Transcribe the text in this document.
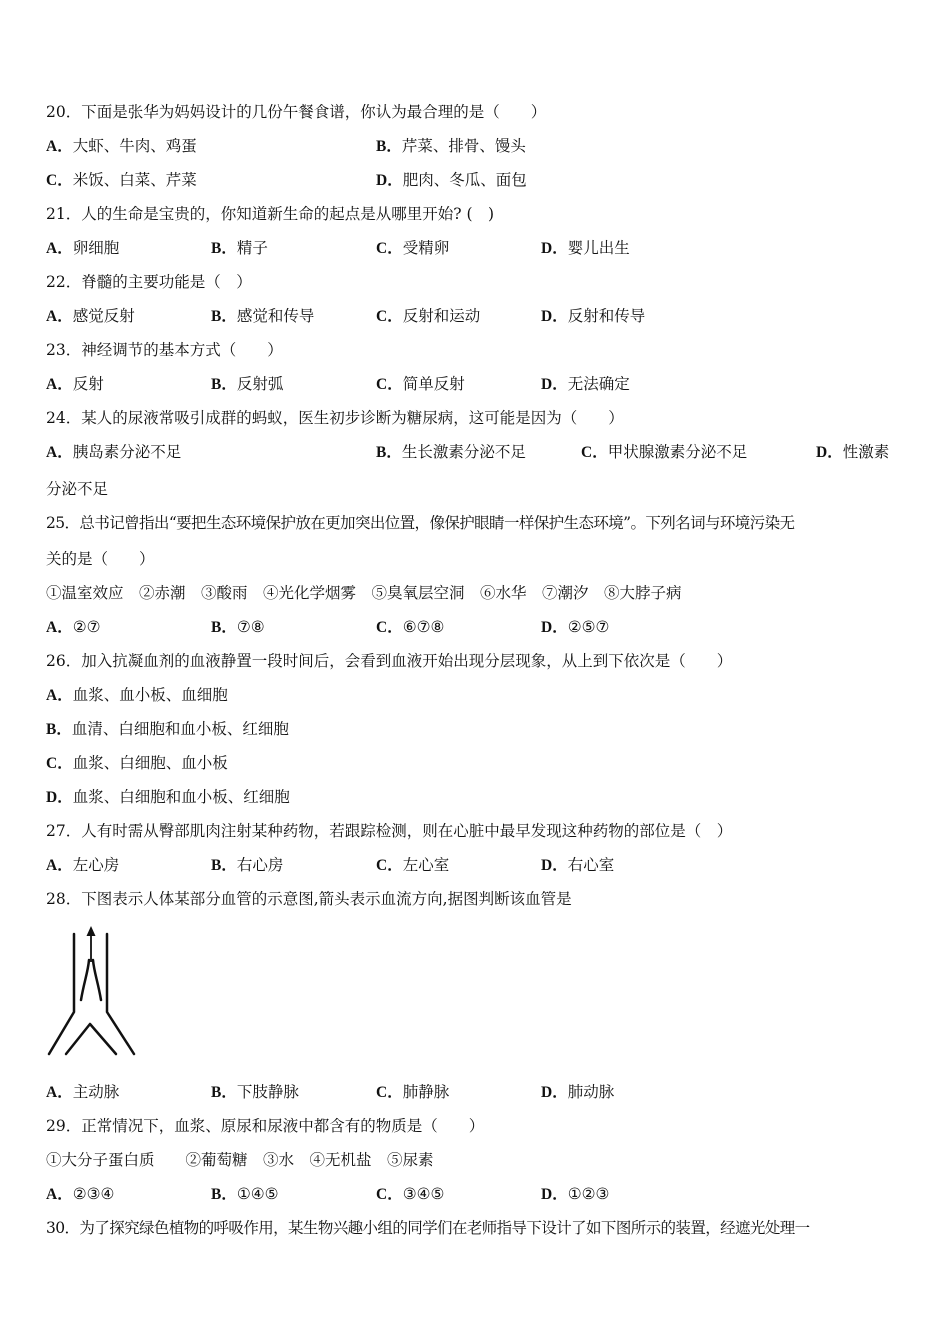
20．下面是张华为妈妈设计的几份午餐食谱，你认为最合理的是（　　）
A．大虾、牛肉、鸡蛋	B．芹菜、排骨、馒头
C．米饭、白菜、芹菜	D．肥肉、冬瓜、面包
21．人的生命是宝贵的，你知道新生命的起点是从哪里开始? (　)
A．卵细胞	B．精子	C．受精卵	D．婴儿出生
22．脊髓的主要功能是（　）
A．感觉反射	B．感觉和传导	C．反射和运动	D．反射和传导
23．神经调节的基本方式（　　）
A．反射	B．反射弧	C．简单反射	D．无法确定
24．某人的尿液常吸引成群的蚂蚁，医生初步诊断为糖尿病，这可能是因为（　　）
A．胰岛素分泌不足	B．生长激素分泌不足	C．甲状腺激素分泌不足	D．性激素
分泌不足
25．总书记曾指出“要把生态环境保护放在更加突出位置，像保护眼睛一样保护生态环境”。下列名词与环境污染无
关的是（　　）
①温室效应　②赤潮　③酸雨　④光化学烟雾　⑤臭氧层空洞　⑥水华　⑦潮汐　⑧大脖子病
A．②⑦	B．⑦⑧	C．⑥⑦⑧	D．②⑤⑦
26．加入抗凝血剂的血液静置一段时间后，会看到血液开始出现分层现象，从上到下依次是（　　）
A．血浆、血小板、血细胞
B．血清、白细胞和血小板、红细胞
C．血浆、白细胞、血小板
D．血浆、白细胞和血小板、红细胞
27．人有时需从臀部肌肉注射某种药物，若跟踪检测，则在心脏中最早发现这种药物的部位是（　）
A．左心房	B．右心房	C．左心室	D．右心室
28．下图表示人体某部分血管的示意图,箭头表示血流方向,据图判断该血管是
A．主动脉	B．下肢静脉	C．肺静脉	D．肺动脉
29．正常情况下，血浆、原尿和尿液中都含有的物质是（　　）
①大分子蛋白质　　②葡萄糖　③水　④无机盐　⑤尿素
A．②③④	B．①④⑤	C．③④⑤	D．①②③
30．为了探究绿色植物的呼吸作用，某生物兴趣小组的同学们在老师指导下设计了如下图所示的装置，经遮光处理一
